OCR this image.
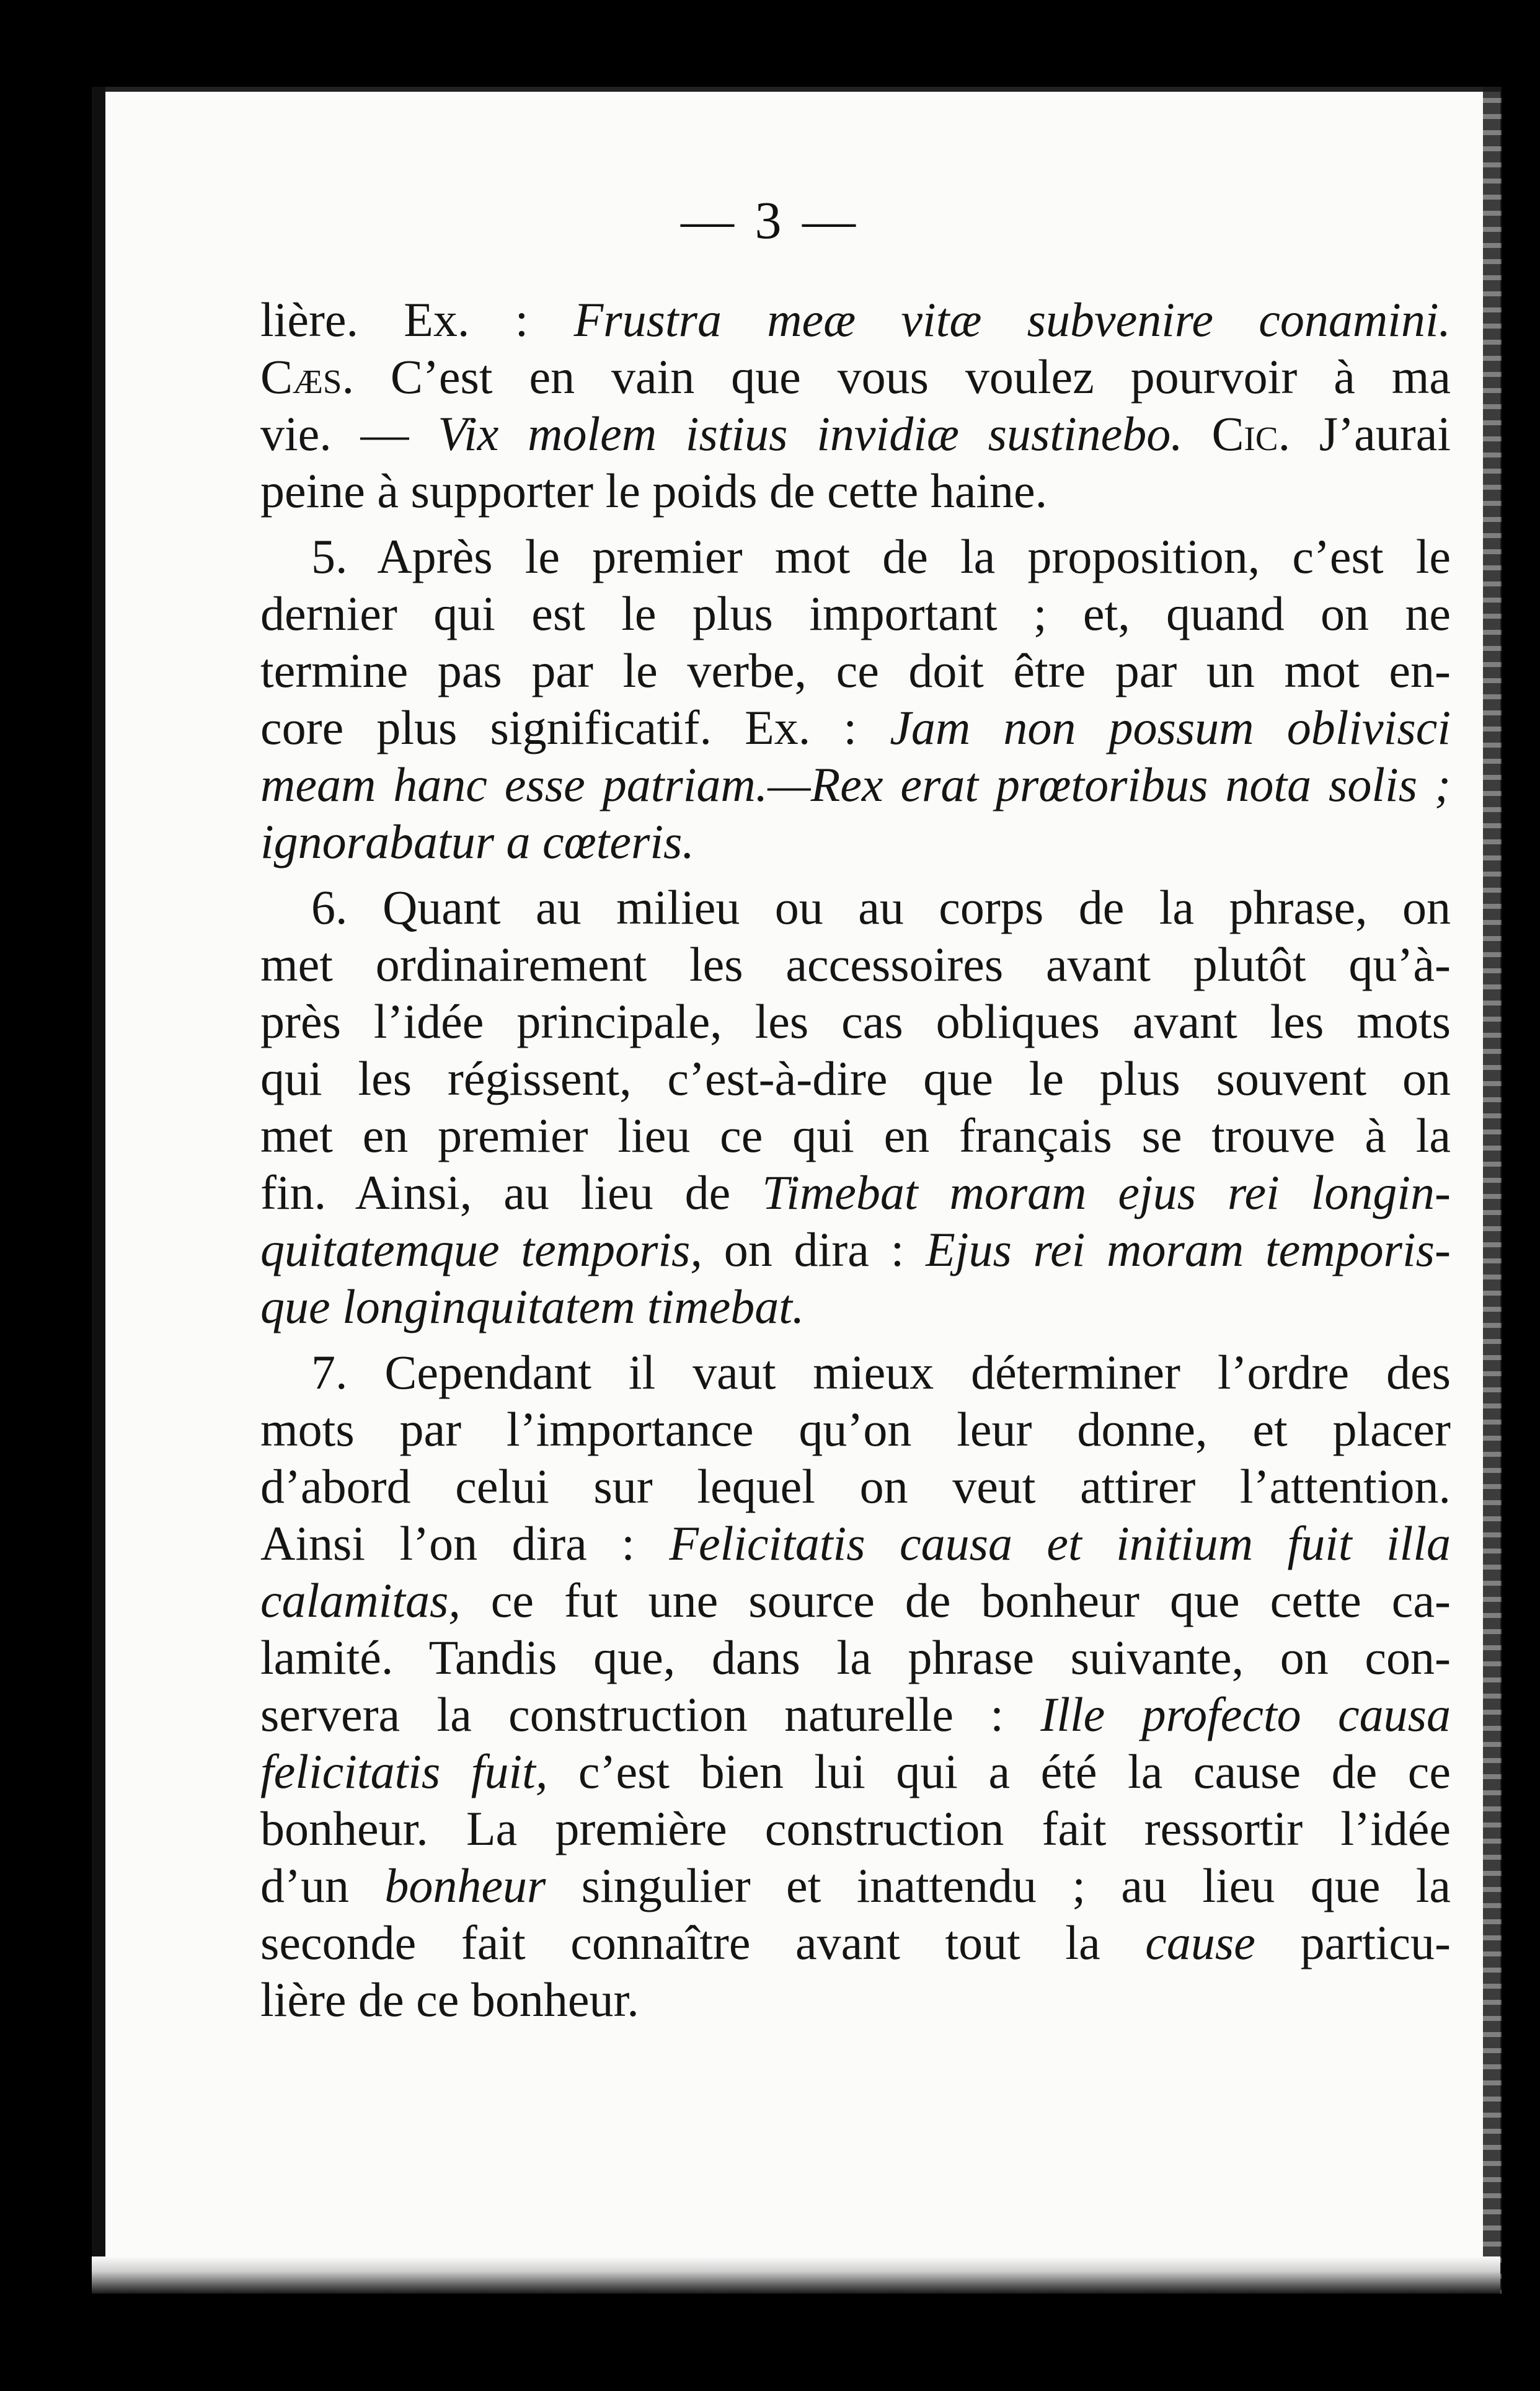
— 3 —
lière. Ex. : Frustra meæ vitæ subvenire conamini.
Cæs. C’est en vain que vous voulez pourvoir à ma
vie. — Vix molem istius invidiæ sustinebo. Cic. J’aurai
peine à supporter le poids de cette haine.
5. Après le premier mot de la proposition, c’est le
dernier qui est le plus important ; et, quand on ne
termine pas par le verbe, ce doit être par un mot en-
core plus significatif. Ex. : Jam non possum oblivisci
meam hanc esse patriam.—Rex erat prœtoribus nota solis ;
ignorabatur a cœteris.
6. Quant au milieu ou au corps de la phrase, on
met ordinairement les accessoires avant plutôt qu’à-
près l’idée principale, les cas obliques avant les mots
qui les régissent, c’est-à-dire que le plus souvent on
met en premier lieu ce qui en français se trouve à la
fin. Ainsi, au lieu de Timebat moram ejus rei longin-
quitatemque temporis, on dira : Ejus rei moram temporis-
que longinquitatem timebat.
7. Cependant il vaut mieux déterminer l’ordre des
mots par l’importance qu’on leur donne, et placer
d’abord celui sur lequel on veut attirer l’attention.
Ainsi l’on dira : Felicitatis causa et initium fuit illa
calamitas, ce fut une source de bonheur que cette ca-
lamité. Tandis que, dans la phrase suivante, on con-
servera la construction naturelle : Ille profecto causa
felicitatis fuit, c’est bien lui qui a été la cause de ce
bonheur. La première construction fait ressortir l’idée
d’un bonheur singulier et inattendu ; au lieu que la
seconde fait connaître avant tout la cause particu-
lière de ce bonheur.
